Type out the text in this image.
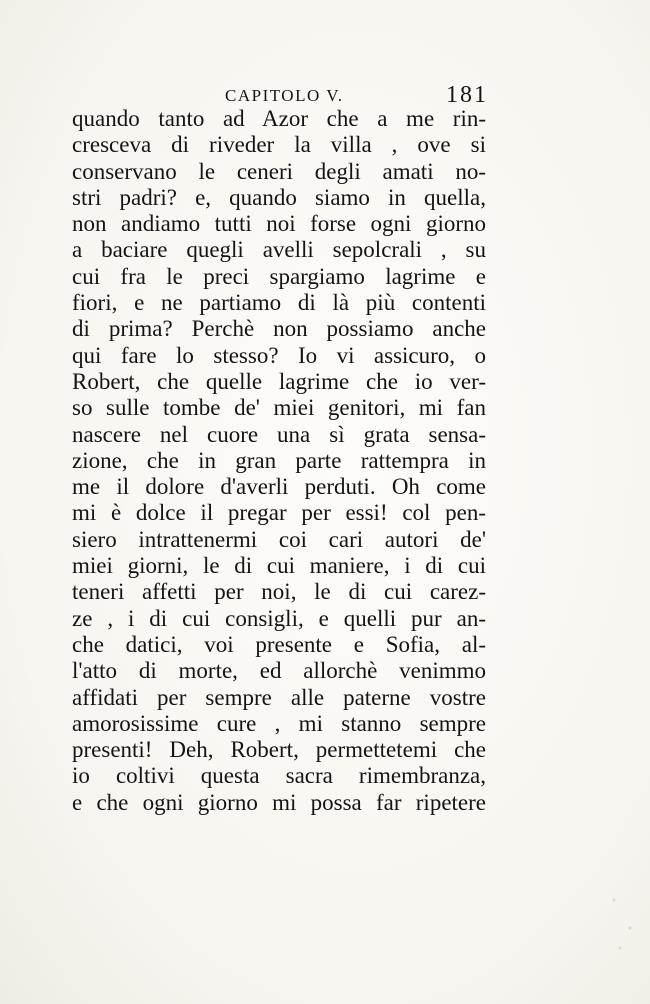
CAPITOLO V.	181
quando tanto ad Azor che a me rin-
cresceva di riveder la villa , ove si
conservano le ceneri degli amati no-
stri padri? e, quando siamo in quella,
non andiamo tutti noi forse ogni giorno
a baciare quegli avelli sepolcrali , su
cui fra le preci spargiamo lagrime e
fiori, e ne partiamo di là più contenti
di prima? Perchè non possiamo anche
qui fare lo stesso? Io vi assicuro, o
Robert, che quelle lagrime che io ver-
so sulle tombe de' miei genitori, mi fan
nascere nel cuore una sì grata sensa-
zione, che in gran parte rattempra in
me il dolore d'averli perduti. Oh come
mi è dolce il pregar per essi! col pen-
siero intrattenermi coi cari autori de'
miei giorni, le di cui maniere, i di cui
teneri affetti per noi, le di cui carez-
ze , i di cui consigli, e quelli pur an-
che datici, voi presente e Sofia, al-
l'atto di morte, ed allorchè venimmo
affidati per sempre alle paterne vostre
amorosissime cure , mi stanno sempre
presenti! Deh, Robert, permettetemi che
io coltivi questa sacra rimembranza,
e che ogni giorno mi possa far ripetere
